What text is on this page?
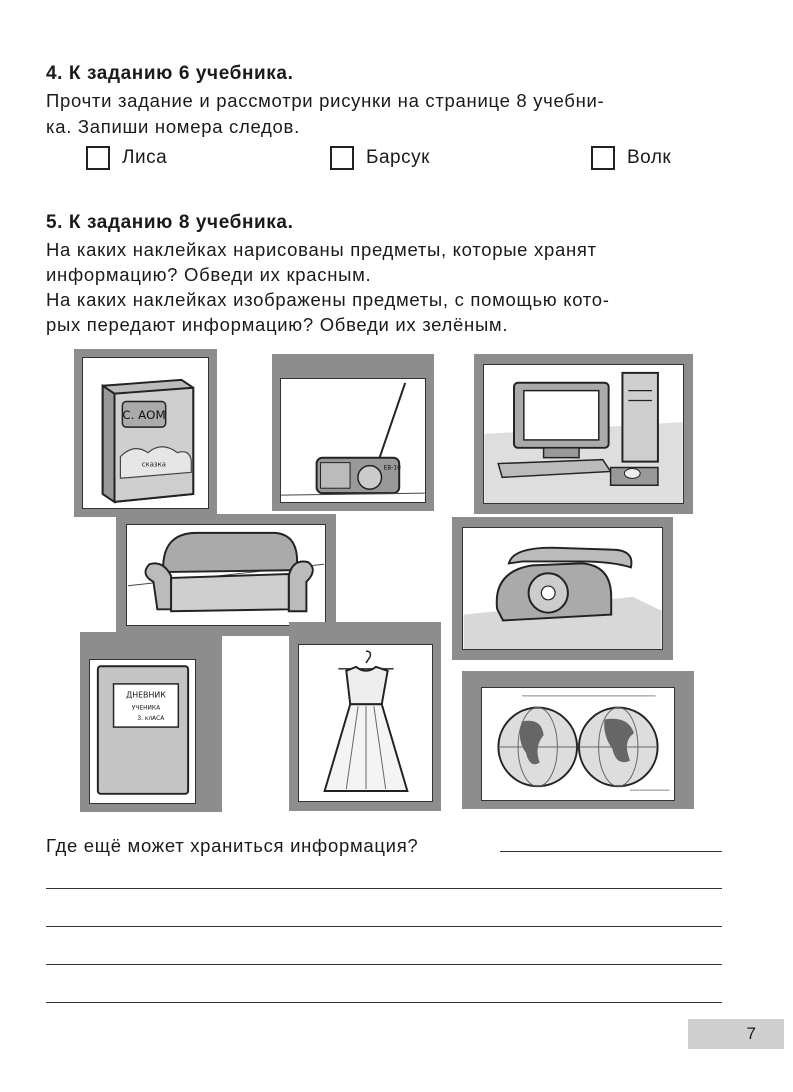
4. К заданию 6 учебника.
Прочти задание и рассмотри рисунки на странице 8 учебни-
ка. Запиши номера следов.
Лиса	Барсук	Волк
5. К заданию 8 учебника.
На каких наклейках нарисованы предметы, которые хранят
информацию? Обведи их красным.
На каких наклейках изображены предметы, с помощью кото-
рых передают информацию? Обведи их зелёным.
С. АОМ
сказка
ЕВ-10
ДНЕВНИК
УЧЕНИКА
3. клАСА
Где ещё может храниться информация?
7
